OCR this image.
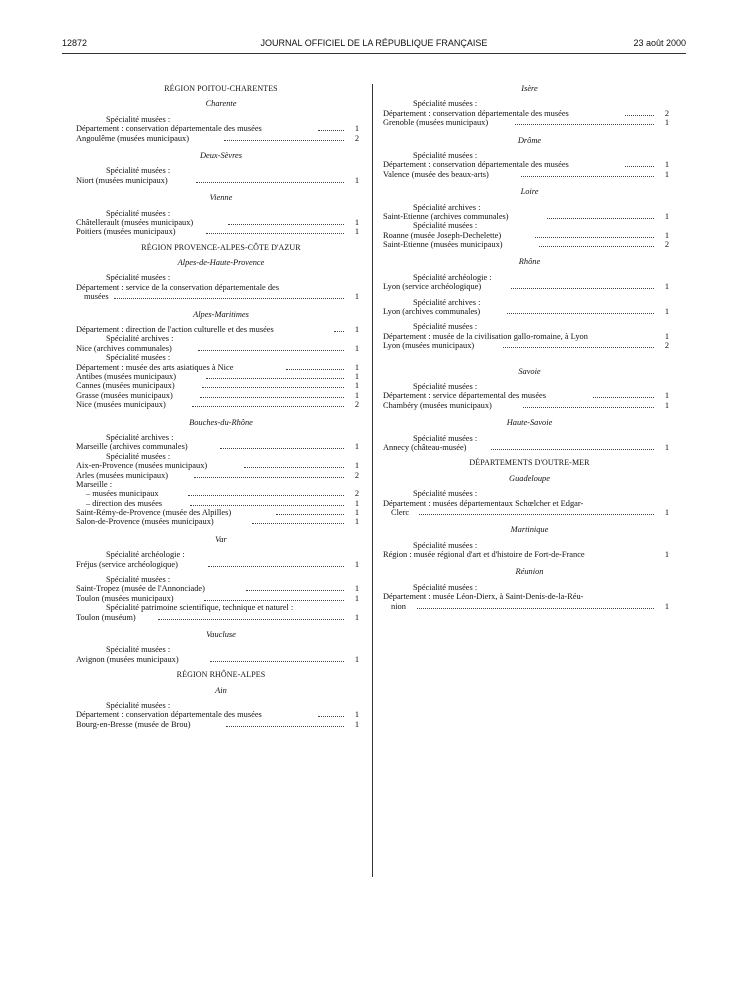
12872	JOURNAL OFFICIEL DE LA RÉPUBLIQUE FRANÇAISE	23 août 2000
RÉGION POITOU-CHARENTES
Charente
Spécialité musées :
Département : conservation départementale des musées	1
Angoulême (musées municipaux)	2
Deux-Sèvres
Spécialité musées :
Niort (musées municipaux)	1
Vienne
Spécialité musées :
Châtellerault (musées municipaux)	1
Poitiers (musées municipaux)	1
RÉGION PROVENCE-ALPES-CÔTE D'AZUR
Alpes-de-Haute-Provence
Spécialité musées :
Département : service de la conservation départementale des
musées	1
Alpes-Maritimes
Département : direction de l'action culturelle et des musées	1
Spécialité archives :
Nice (archives communales)	1
Spécialité musées :
Département : musée des arts asiatiques à Nice	1
Antibes (musées municipaux)	1
Cannes (musées municipaux)	1
Grasse (musées municipaux)	1
Nice (musées municipaux)	2
Bouches-du-Rhône
Spécialité archives :
Marseille (archives communales)	1
Spécialité musées :
Aix-en-Provence (musées municipaux)	1
Arles (musées municipaux)	2
Marseille :
– musées municipaux	2
– direction des musées	1
Saint-Rémy-de-Provence (musée des Alpilles)	1
Salon-de-Provence (musées municipaux)	1
Var
Spécialité archéologie :
Fréjus (service archéologique)	1
Spécialité musées :
Saint-Tropez (musée de l'Annonciade)	1
Toulon (musées municipaux)	1
Spécialité patrimoine scientifique, technique et naturel :
Toulon (muséum)	1
Vaucluse
Spécialité musées :
Avignon (musées municipaux)	1
RÉGION RHÔNE-ALPES
Ain
Spécialité musées :
Département : conservation départementale des musées	1
Bourg-en-Bresse (musée de Brou)	1
Isère
Spécialité musées :
Département : conservation départementale des musées	2
Grenoble (musées municipaux)	1
Drôme
Spécialité musées :
Département : conservation départementale des musées	1
Valence (musée des beaux-arts)	1
Loire
Spécialité archives :
Saint-Etienne (archives communales)	1
Spécialité musées :
Roanne (musée Joseph-Dechelette)	1
Saint-Etienne (musées municipaux)	2
Rhône
Spécialité archéologie :
Lyon (service archéologique)	1
Spécialité archives :
Lyon (archives communales)	1
Spécialité musées :
Département : musée de la civilisation gallo-romaine, à Lyon	1
Lyon (musées municipaux)	2
Savoie
Spécialité musées :
Département : service départemental des musées	1
Chambéry (musées municipaux)	1
Haute-Savoie
Spécialité musées :
Annecy (château-musée)	1
DÉPARTEMENTS D'OUTRE-MER
Guadeloupe
Spécialité musées :
Département : musées départementaux Schœlcher et Edgar-
Clerc	1
Martinique
Spécialité musées :
Région : musée régional d'art et d'histoire de Fort-de-France	1
Réunion
Spécialité musées :
Département : musée Léon-Dierx, à Saint-Denis-de-la-Réu-
nion	1
